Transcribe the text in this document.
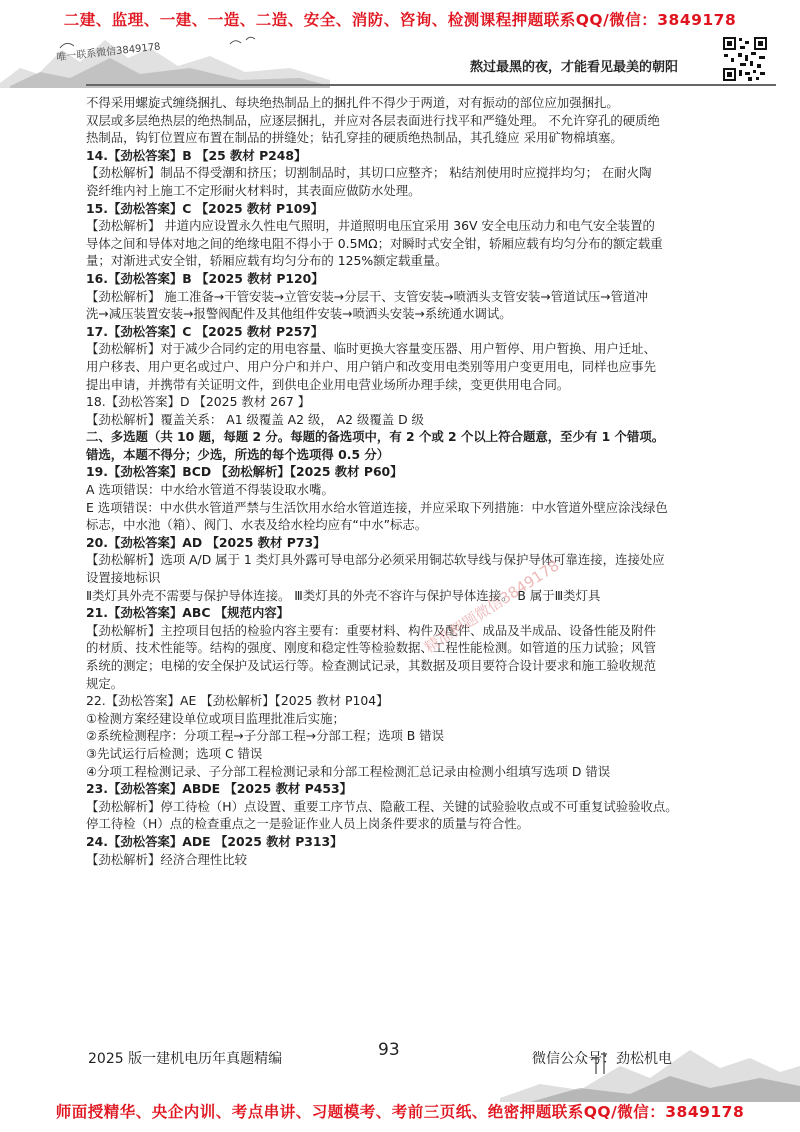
二建、监理、一建、一造、二造、安全、消防、咨询、检测课程押题联系QQ/微信：3849178
唯一联系微信3849178
熬过最黑的夜，才能看见最美的朝阳
不得采用螺旋式缠绕捆扎、每块绝热制品上的捆扎件不得少于两道，对有振动的部位应加强捆扎。
双层或多层绝热层的绝热制品，应逐层捆扎，并应对各层表面进行找平和严缝处理。 不允许穿孔的硬质绝
热制品，钩钉位置应布置在制品的拼缝处；钻孔穿挂的硬质绝热制品，其孔缝应 采用矿物棉填塞。
14.【劲松答案】B 【25 教材 P248】
【劲松解析】制品不得受潮和挤压；切割制品时，其切口应整齐； 粘结剂使用时应搅拌均匀； 在耐火陶
瓷纤维内衬上施工不定形耐火材料时，其表面应做防水处理。
15.【劲松答案】C 【2025 教材 P109】
【劲松解析】 井道内应设置永久性电气照明，井道照明电压宜采用 36V 安全电压动力和电气安全装置的
导体之间和导体对地之间的绝缘电阻不得小于 0.5MΩ；对瞬时式安全钳，轿厢应载有均匀分布的额定载重
量；对渐进式安全钳，轿厢应载有均匀分布的 125%额定载重量。
16.【劲松答案】B 【2025 教材 P120】
【劲松解析】 施工准备→干管安装→立管安装→分层干、支管安装→喷洒头支管安装→管道试压→管道冲
洗→减压装置安装→报警阀配件及其他组件安装→喷洒头安装→系统通水调试。
17.【劲松答案】C 【2025 教材 P257】
【劲松解析】对于减少合同约定的用电容量、临时更换大容量变压器、用户暂停、用户暂换、用户迁址、
用户移表、用户更名或过户、用户分户和并户、用户销户和改变用电类别等用户变更用电，同样也应事先
提出申请，并携带有关证明文件，到供电企业用电营业场所办理手续，变更供用电合同。
18.【劲松答案】D 【2025 教材 267 】
【劲松解析】覆盖关系： A1 级覆盖 A2 级， A2 级覆盖 D 级
二、多选题（共 10 题，每题 2 分。每题的备选项中，有 2 个或 2 个以上符合题意，至少有 1 个错项。
错选，本题不得分；少选，所选的每个选项得 0.5 分）
19.【劲松答案】BCD 【劲松解析】【2025 教材 P60】
A 选项错误：中水给水管道不得装设取水嘴。
E 选项错误：中水供水管道严禁与生活饮用水给水管道连接，并应采取下列措施：中水管道外壁应涂浅绿色
标志，中水池（箱）、阀门、水表及给水栓均应有“中水”标志。
20.【劲松答案】AD 【2025 教材 P73】
【劲松解析】选项 A/D 属于 1 类灯具外露可导电部分必须采用铜芯软导线与保护导体可靠连接，连接处应
设置接地标识
Ⅱ类灯具外壳不需要与保护导体连接。 Ⅲ类灯具的外壳不容许与保护导体连接。 B 属于Ⅲ类灯具
21.【劲松答案】ABC 【规范内容】
【劲松解析】主控项目包括的检验内容主要有：重要材料、构件及配件、成品及半成品、设备性能及附件
的材质、技术性能等。结构的强度、刚度和稳定性等检验数据、工程性能检测。如管道的压力试验；风管
系统的测定；电梯的安全保护及试运行等。检查测试记录，其数据及项目要符合设计要求和施工验收规范
规定。
22.【劲松答案】AE 【劲松解析】【2025 教材 P104】
①检测方案经建设单位或项目监理批准后实施；
②系统检测程序：分项工程→子分部工程→分部工程；选项 B 错误
③先试运行后检测；选项 C 错误
④分项工程检测记录、子分部工程检测记录和分部工程检测汇总记录由检测小组填写选项 D 错误
23.【劲松答案】ABDE 【2025 教材 P453】
【劲松解析】停工待检（H）点设置、重要工序节点、隐蔽工程、关键的试验验收点或不可重复试验验收点。
停工待检（H）点的检查重点之一是验证作业人员上岗条件要求的质量与符合性。
24.【劲松答案】ADE 【2025 教材 P313】
【劲松解析】经济合理性比较
精准押题微信3849178
2025 版一建机电历年真题精编	93	微信公众号：劲松机电
师面授精华、央企内训、考点串讲、习题模考、考前三页纸、绝密押题联系QQ/微信：3849178
